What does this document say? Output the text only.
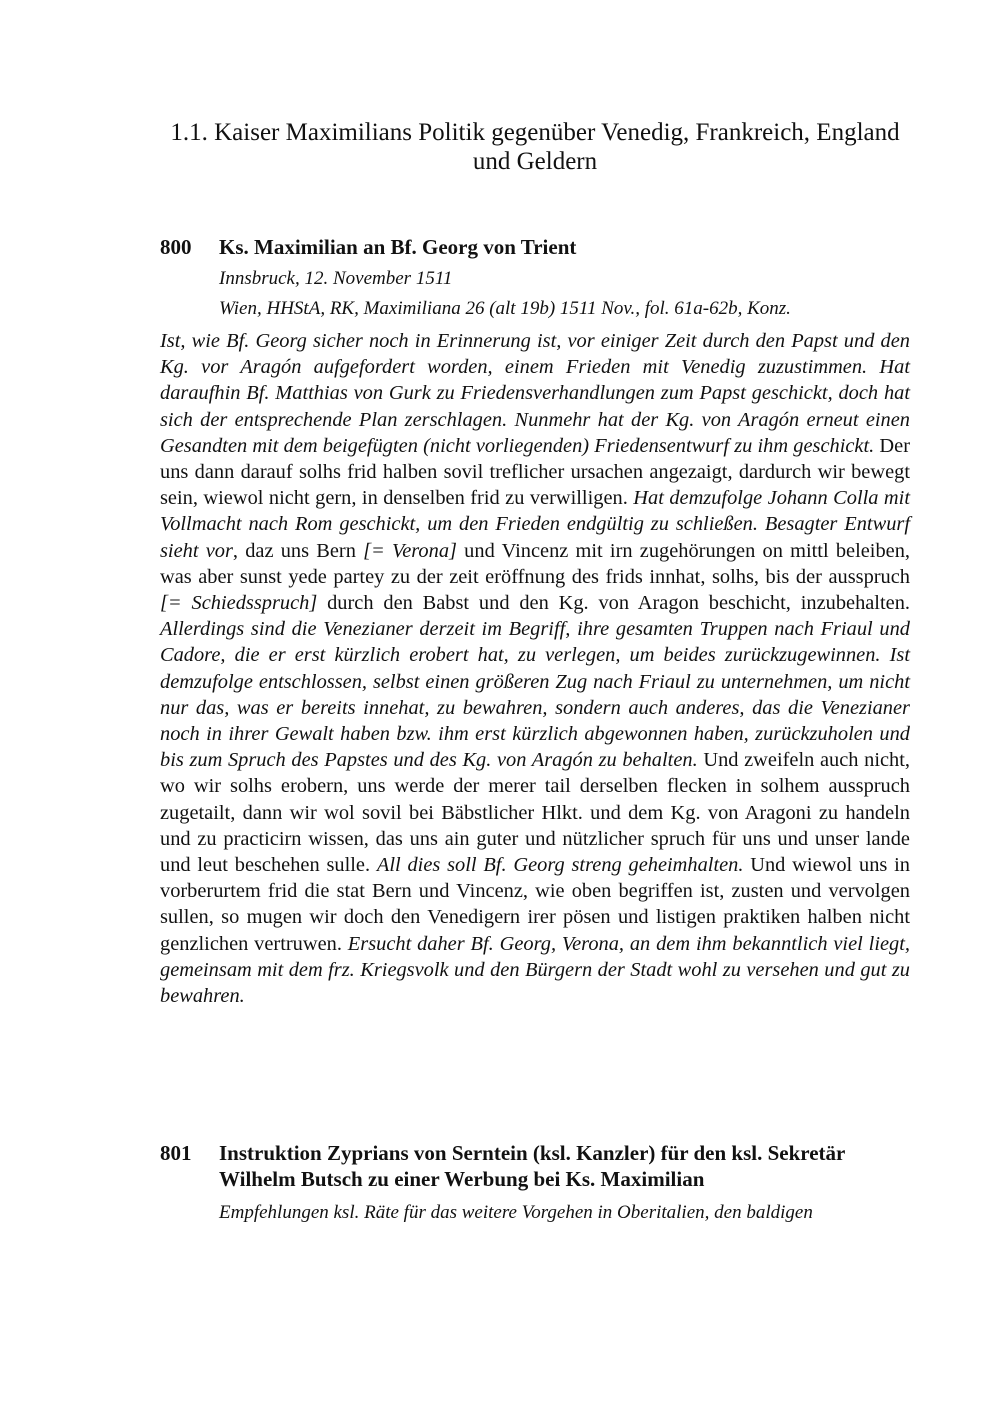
1.1. Kaiser Maximilians Politik gegenüber Venedig, Frankreich, England und Geldern
800	Ks. Maximilian an Bf. Georg von Trient
Innsbruck, 12. November 1511
Wien, HHStA, RK, Maximiliana 26 (alt 19b) 1511 Nov., fol. 61a-62b, Konz.

Ist, wie Bf. Georg sicher noch in Erinnerung ist, vor einiger Zeit durch den Papst und den Kg. vor Aragón aufgefordert worden, einem Frieden mit Venedig zuzustimmen. Hat daraufhin Bf. Matthias von Gurk zu Friedensverhandlungen zum Papst geschickt, doch hat sich der entsprechende Plan zerschlagen. Nunmehr hat der Kg. von Aragón erneut einen Gesandten mit dem beigefügten (nicht vorliegenden) Friedensentwurf zu ihm geschickt. Der uns dann darauf solhs frid halben sovil treflicher ursachen angezaigt, dardurch wir bewegt sein, wiewol nicht gern, in denselben frid zu verwilligen. Hat demzufolge Johann Colla mit Vollmacht nach Rom geschickt, um den Frieden endgültig zu schließen. Besagter Entwurf sieht vor, daz uns Bern [= Verona] und Vincenz mit irn zugehörungen on mittl beleiben, was aber sunst yede partey zu der zeit eröffnung des frids innhat, solhs, bis der ausspruch [= Schiedsspruch] durch den Babst und den Kg. von Aragon beschicht, inzubehalten. Allerdings sind die Venezianer derzeit im Begriff, ihre gesamten Truppen nach Friaul und Cadore, die er erst kürzlich erobert hat, zu verlegen, um beides zurückzugewinnen. Ist demzufolge entschlossen, selbst einen größeren Zug nach Friaul zu unternehmen, um nicht nur das, was er bereits innehat, zu bewahren, sondern auch anderes, das die Venezianer noch in ihrer Gewalt haben bzw. ihm erst kürzlich abgewonnen haben, zurückzuholen und bis zum Spruch des Papstes und des Kg. von Aragón zu behalten. Und zweifeln auch nicht, wo wir solhs erobern, uns werde der merer tail derselben flecken in solhem ausspruch zugetailt, dann wir wol sovil bei Bäbstlicher Hlkt. und dem Kg. von Aragoni zu handeln und zu practicirn wissen, das uns ain guter und nützlicher spruch für uns und unser lande und leut beschehen sulle. All dies soll Bf. Georg streng geheimhalten. Und wiewol uns in vorberurtem frid die stat Bern und Vincenz, wie oben begriffen ist, zusten und vervolgen sullen, so mugen wir doch den Venedigern irer pösen und listigen praktiken halben nicht genzlichen vertruwen. Ersucht daher Bf. Georg, Verona, an dem ihm bekanntlich viel liegt, gemeinsam mit dem frz. Kriegsvolk und den Bürgern der Stadt wohl zu versehen und gut zu bewahren.

801	Instruktion Zyprians von Serntein (ksl. Kanzler) für den ksl. Sekretär Wilhelm Butsch zu einer Werbung bei Ks. Maximilian
Empfehlungen ksl. Räte für das weitere Vorgehen in Oberitalien, den baldigen
